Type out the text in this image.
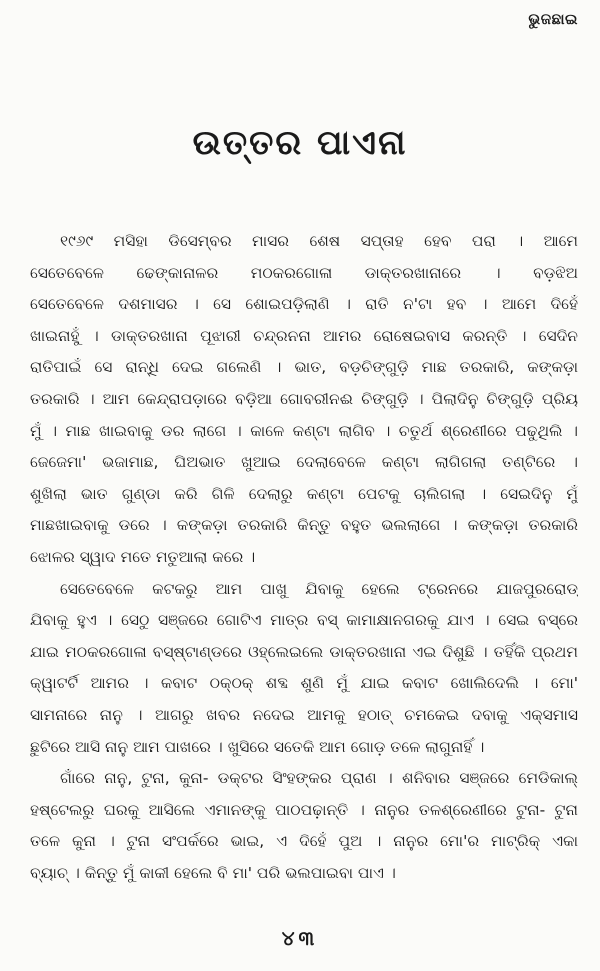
ଭୁଜଛାଇ
ଉତ୍ତର ପାଏନା

୧୯୬୯ ମସିହା ଡିସେମ୍ବର ମାସର ଶେଷ ସପ୍ତାହ ହେବ ପରା । ଆମେ
ସେତେବେଳେ ଢେଙ୍କାନାଳର ମଠକରଗୋଳା ଡାକ୍ତରଖାନାରେ । ବଡ଼ଝିଅ
ସେତେବେଳେ ଦଶମାସର । ସେ ଶୋଇପଡ଼ିଲାଣି । ରାତି ନ'ଟା ହବ । ଆମେ ଦିହେଁ
ଖାଇନାହୁଁ । ଡାକ୍ତରଖାନା ପୂଝାରୀ ଚନ୍ଦ୍ରନନା ଆମର ରୋଷେଇବାସ କରନ୍ତି । ସେଦିନ
ରାତିପାଇଁ ସେ ରାନ୍ଧି ଦେଇ ଗଲେଣି । ଭାତ, ବଡ଼ଚିଙ୍ଗୁଡ଼ି ମାଛ ତରକାରି, କଙ୍କଡ଼ା
ତରକାରି । ଆମ କେନ୍ଦ୍ରାପଡ଼ାରେ ବଡ଼ିଆ ଗୋବରୀନଈ ଚିଙ୍ଗୁଡ଼ି । ପିଲାଦିନୁ ଚିଙ୍ଗୁଡ଼ି ପ୍ରିୟ
ମୁଁ । ମାଛ ଖାଇବାକୁ ଡର ଲାଗେ । କାଳେ କଣ୍ଟା ଲାଗିବ । ଚତୁର୍ଥ ଶ୍ରେଣୀରେ ପଢୁଥିଲି ।
ଜେଜେମା' ଭଜାମାଛ, ଘିଅଭାତ ଖୁଆଇ ଦେଲାବେଳେ କଣ୍ଟା ଲାଗିଗଲା ତଣ୍ଟିରେ ।
ଶୁଖିଲା ଭାତ ଗୁଣ୍ଡା କରି ଗିଳି ଦେଲାରୁ କଣ୍ଟା ପେଟକୁ ଚାଲିଗଲା । ସେଇଦିନୁ ମୁଁ
ମାଛଖାଇବାକୁ ଡରେ । କଙ୍କଡ଼ା ତରକାରି କିନ୍ତୁ ବହୁତ ଭଲଲାଗେ । କଙ୍କଡ଼ା ତରକାରି
ଝୋଳର ସ୍ୱାଦ ମତେ ମତୁଆଲା କରେ ।

ସେତେବେଳେ କଟକରୁ ଆମ ପାଖୁ ଯିବାକୁ ହେଲେ ଟ୍ରେନରେ ଯାଜପୁରରୋଡ୍
ଯିବାକୁ ହୁଏ । ସେଠୁ ସଞ୍ଜରେ ଗୋଟିଏ ମାତ୍ର ବସ୍ କାମାକ୍ଷାନଗରକୁ ଯାଏ । ସେଇ ବସ୍‌ରେ
ଯାଇ ମଠକରଗୋଳା ବସ୍‌ଷ୍ଟାଣ୍ଡରେ ଓହ୍ଲେଇଲେ ଡାକ୍ତରଖାନା ଏଇ ଦିଶୁଛି । ତହିଁକି ପ୍ରଥମ
କ୍ୱାଟର୍ଟି ଆମର । କବାଟ ଠକ୍‌ଠକ୍ ଶବ୍ଦ ଶୁଣି ମୁଁ ଯାଇ କବାଟ ଖୋଲିଦେଲି । ମୋ'
ସାମନାରେ ନାନୁ । ଆଗରୁ ଖବର ନଦେଇ ଆମକୁ ହଠାତ୍ ଚମକେଇ ଦବାକୁ ଏକ୍ସମାସ
ଛୁଟିରେ ଆସି ନାନୁ ଆମ ପାଖରେ । ଖୁସିରେ ସତେକି ଆମ ଗୋଡ଼ ତଳେ ଲାଗୁନାହିଁ ।

ଗାଁରେ ନାନୁ, ଟୁନା, କୁନା- ଡକ୍ଟର ସିଂହଙ୍କର ପ୍ରାଣ । ଶନିବାର ସଞ୍ଜରେ ମେଡିକାଲ୍
ହଷ୍ଟେଲରୁ ଘରକୁ ଆସିଲେ ଏମାନଙ୍କୁ ପାଠପଢ଼ାନ୍ତି । ନାନୁର ତଳଶ୍ରେଣୀରେ ଟୁନା- ଟୁନା
ତଳେ କୁନା । ଟୁନା ସଂପର୍କରେ ଭାଇ, ଏ ଦିହେଁ ପୁଅ । ନାନୁର ମୋ'ର ମାଟ୍ରିକ୍ ଏକା
ବ୍ୟାଚ୍ । କିନ୍ତୁ ମୁଁ କାକୀ ହେଲେ ବି ମା' ପରି ଭଲପାଇବା ପାଏ ।

୪୩
